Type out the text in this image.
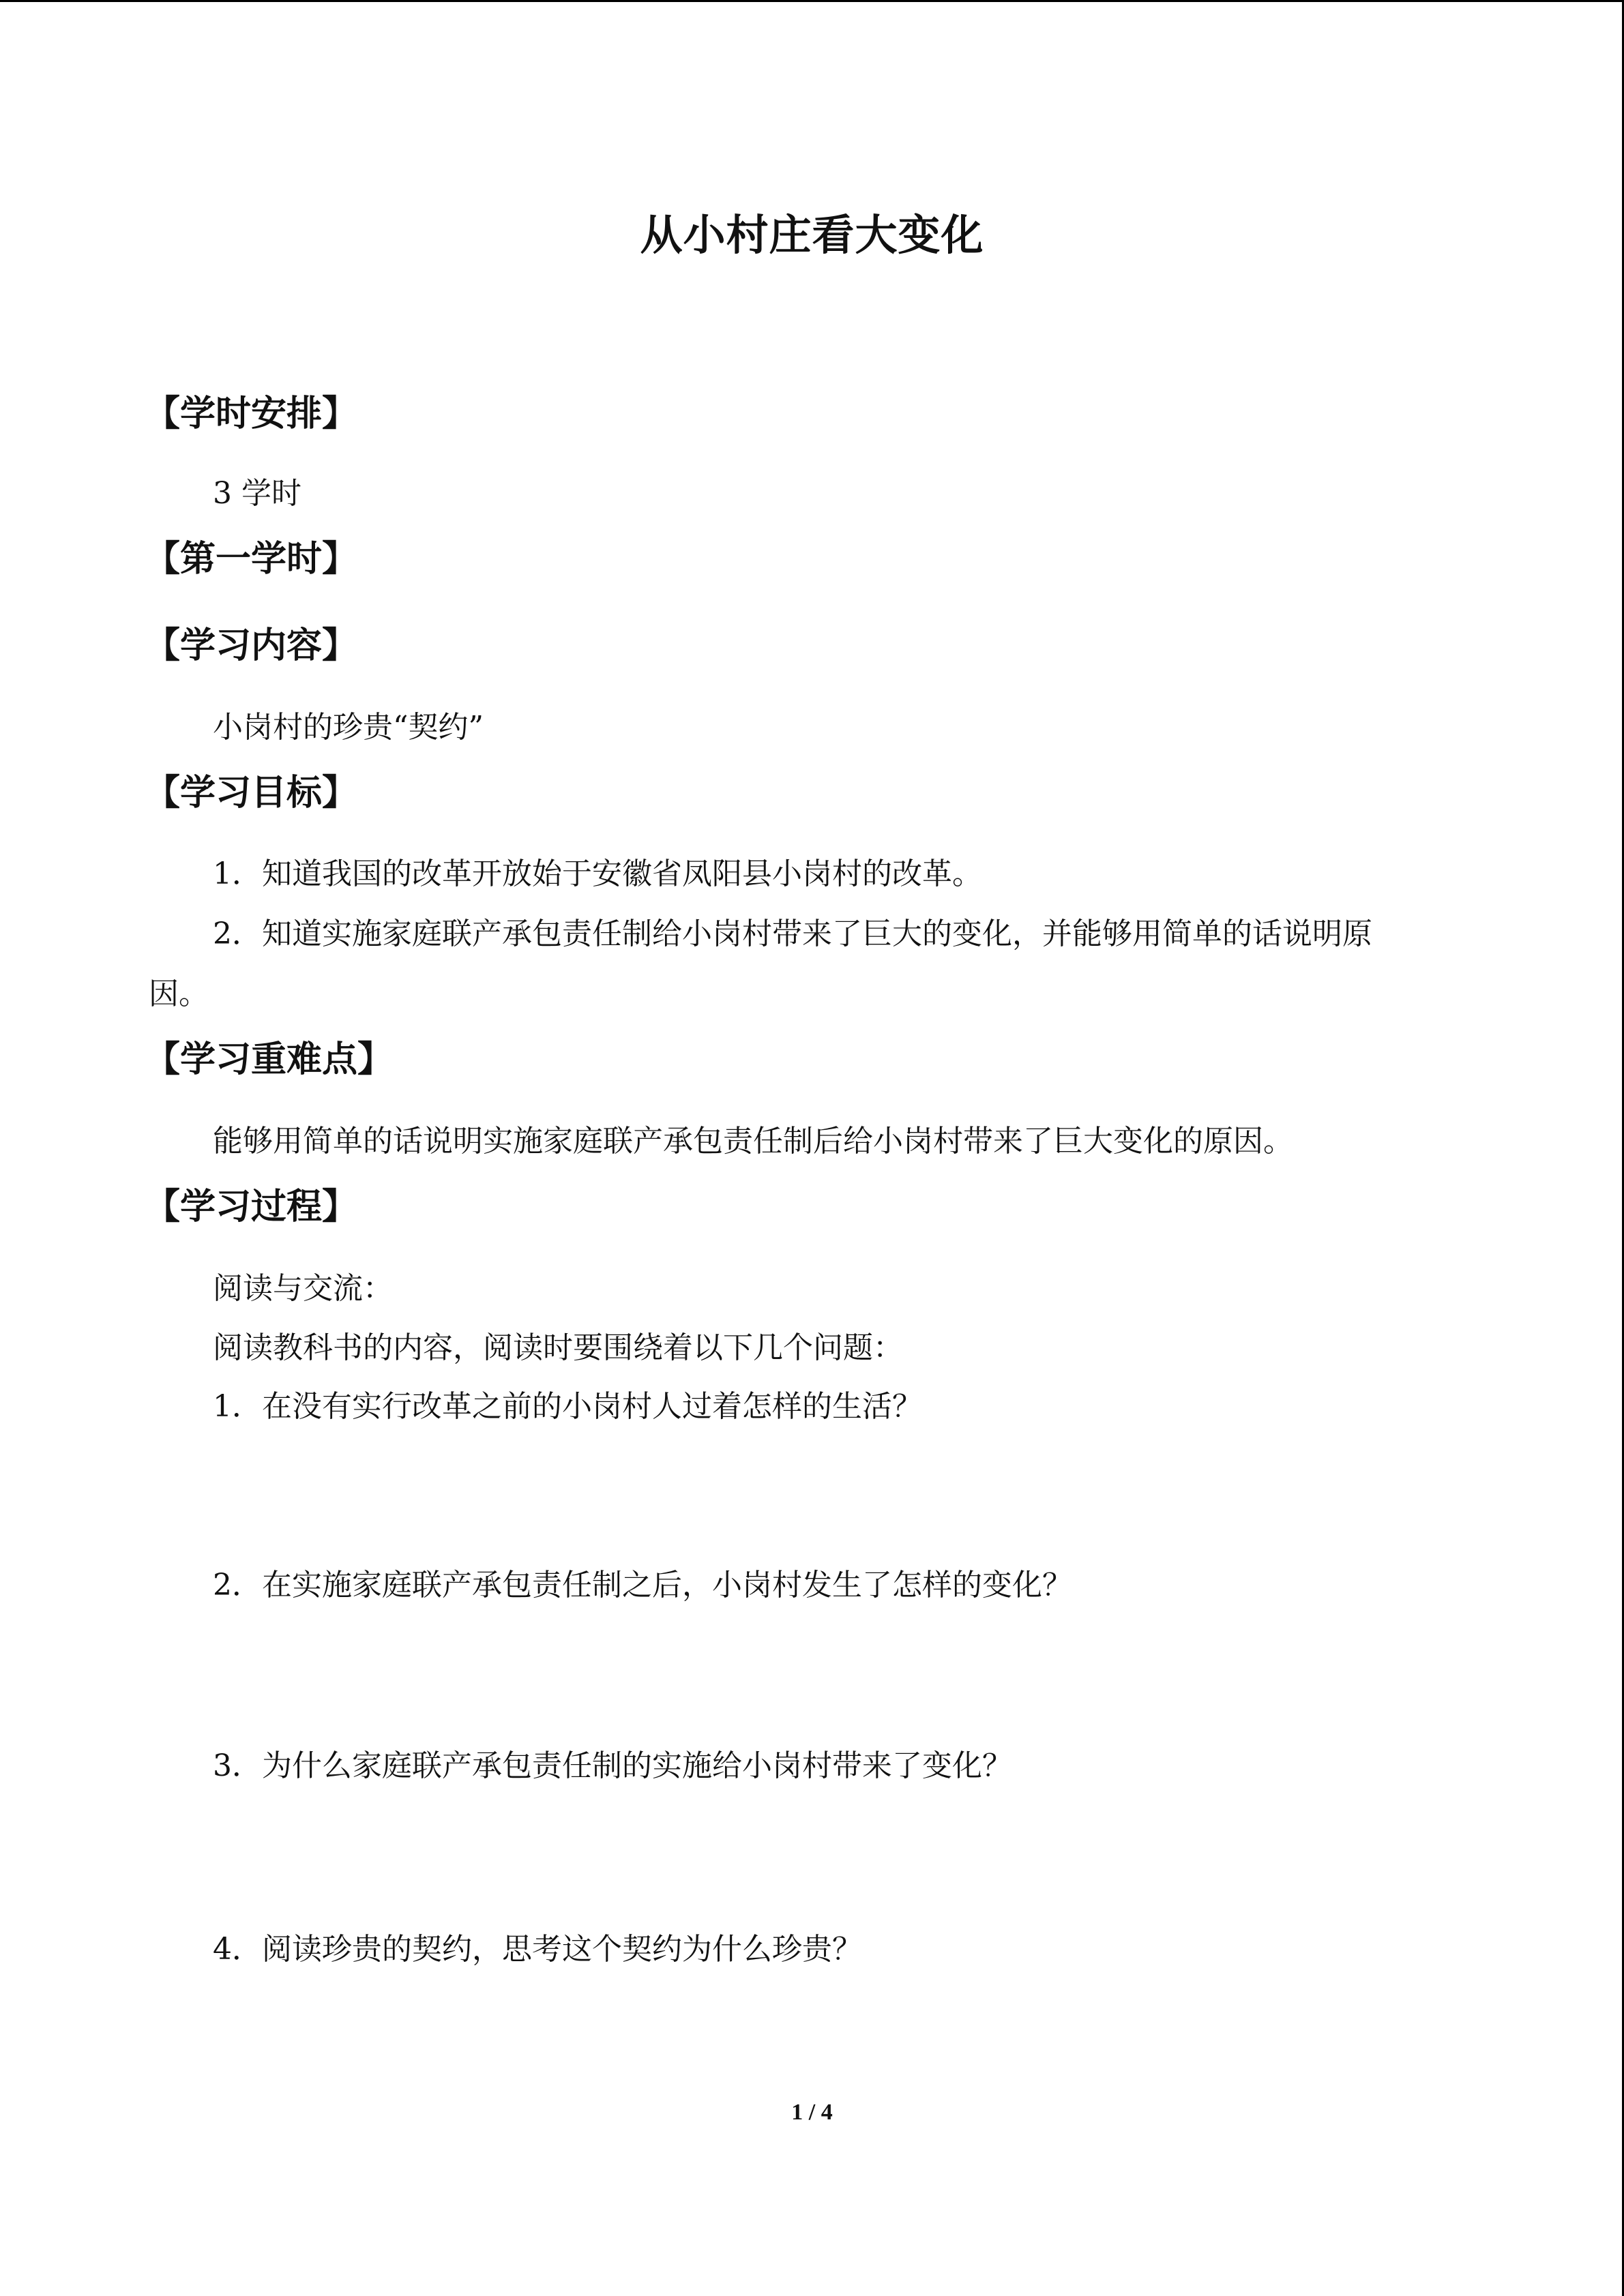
从小村庄看大变化
【学时安排】
3 学时
【第一学时】
【学习内容】
小岗村的珍贵“契约”
【学习目标】
1．知道我国的改革开放始于安徽省凤阳县小岗村的改革。
2．知道实施家庭联产承包责任制给小岗村带来了巨大的变化，并能够用简单的话说明原
因。
【学习重难点】
能够用简单的话说明实施家庭联产承包责任制后给小岗村带来了巨大变化的原因。
【学习过程】
阅读与交流：
阅读教科书的内容，阅读时要围绕着以下几个问题：
1．在没有实行改革之前的小岗村人过着怎样的生活？
2．在实施家庭联产承包责任制之后，小岗村发生了怎样的变化？
3．为什么家庭联产承包责任制的实施给小岗村带来了变化？
4．阅读珍贵的契约，思考这个契约为什么珍贵？
1 / 4
